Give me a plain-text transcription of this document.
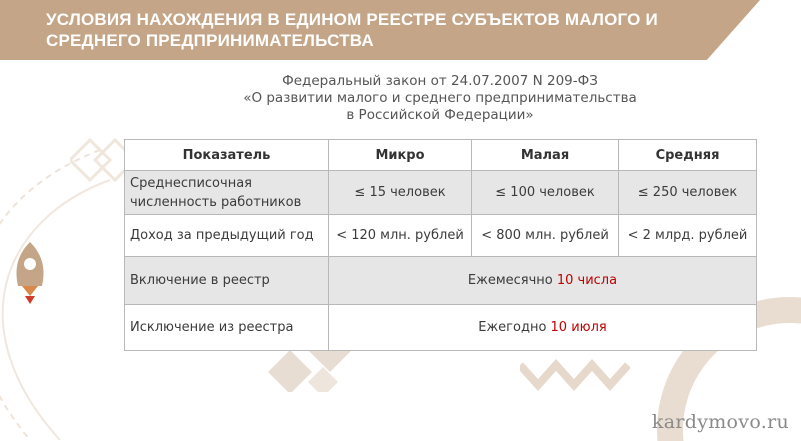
УСЛОВИЯ НАХОЖДЕНИЯ В ЕДИНОМ РЕЕСТРЕ СУБЪЕКТОВ МАЛОГО И
СРЕДНЕГО ПРЕДПРИНИМАТЕЛЬСТВА
Федеральный закон от 24.07.2007 N 209-ФЗ
«О развитии малого и среднего предпринимательства
в Российской Федерации»
Показатель	Микро	Малая	Средняя
Среднесписочная численность работников	≤ 15 человек	≤ 100 человек	≤ 250 человек
Доход за предыдущий год	< 120 млн. рублей	< 800 млн. рублей	< 2 млрд. рублей
Включение в реестр	Ежемесячно 10 числа		
Исключение из реестра	Ежегодно 10 июля		
kardymovo.ru
